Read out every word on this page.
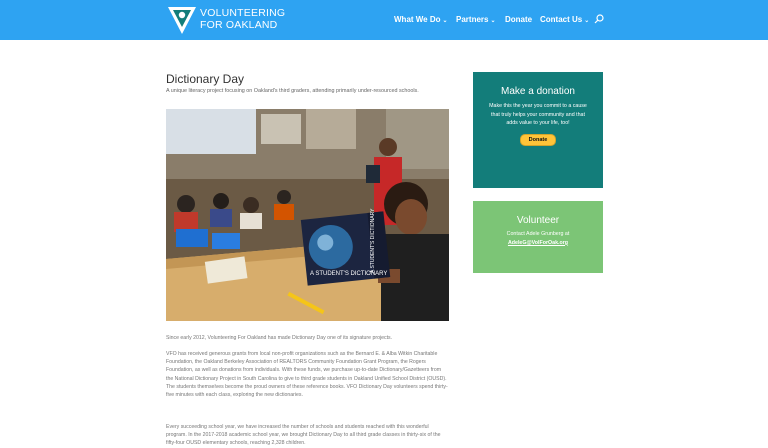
VOLUNTEERING
FOR OAKLAND	What We Do ⌄ Partners ⌄ Donate Contact Us ⌄
Dictionary Day
A unique literacy project focusing on Oakland's third graders, attending primarily under-resourced schools.
A STUDENT'S DICTIONARY
A STUDENT'S DICTIONARY
Since early 2012, Volunteering For Oakland has made Dictionary Day one of its signature projects.
VFO has received generous grants from local non-profit organizations such as the Bernard E. & Alba Witkin Charitable Foundation, the Oakland Berkeley Association of REALTORS Community Foundation Grant Program, the Rogers Foundation, as well as donations from individuals. With these funds, we purchase up-to-date Dictionary/Gazetteers from the National Dictionary Project in South Carolina to give to third grade students in Oakland Unified School District (OUSD). The students themselves become the proud owners of these reference books. VFO Dictionary Day volunteers spend thirty-five minutes with each class, exploring the new dictionaries.
Every succeeding school year, we have increased the number of schools and students reached with this wonderful program. In the 2017-2018 academic school year, we brought Dictionary Day to all third grade classes in thirty-six of the fifty-four OUSD elementary schools, reaching 2,328 children.
Make a donation

Make this the year you commit to a cause that truly helps your community and that adds value to your life, too!

Donate
Volunteer

Contact Adele Grunberg at
AdeleG@VolForOak.org
